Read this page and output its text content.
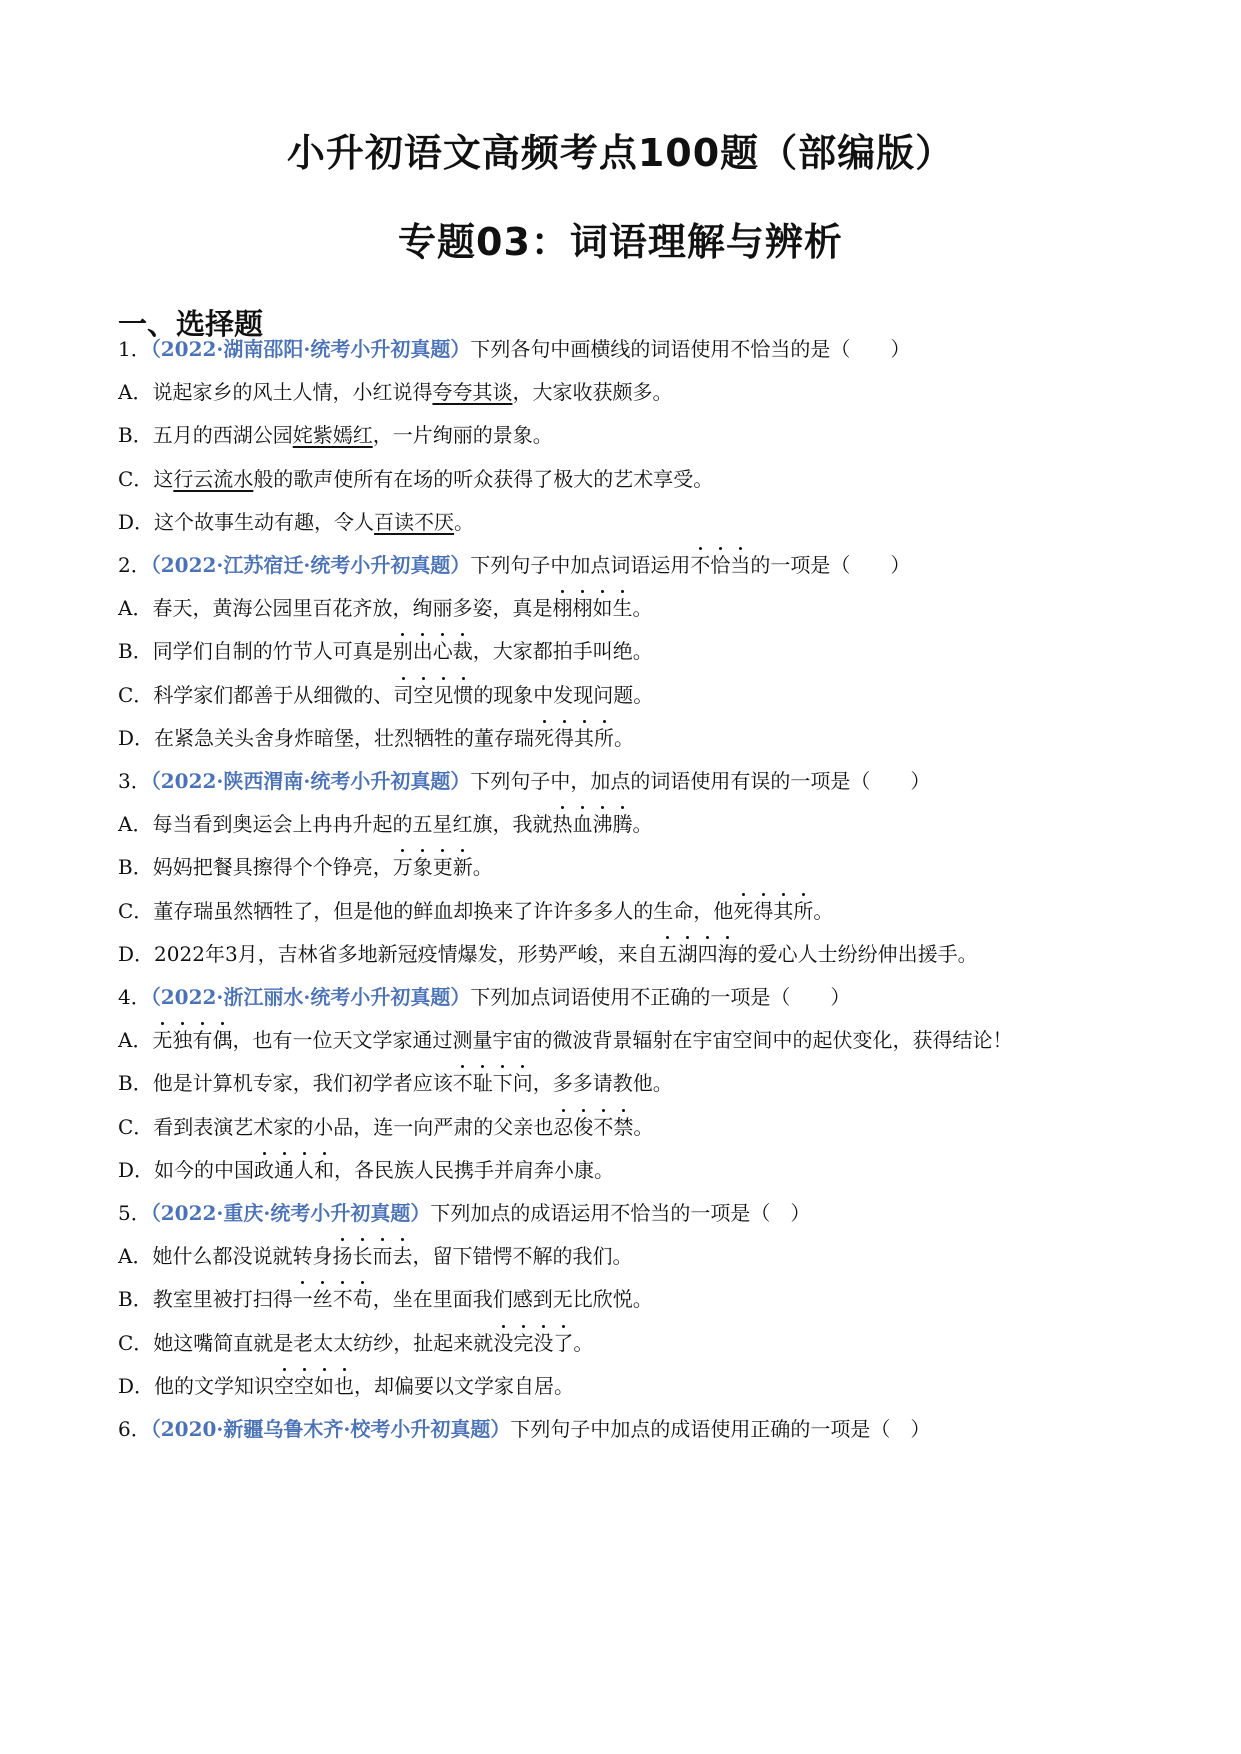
小升初语文高频考点100题（部编版）
专题03：词语理解与辨析
一、选择题
1．（2022·湖南邵阳·统考小升初真题）下列各句中画横线的词语使用不恰当的是（　　）
A．说起家乡的风土人情，小红说得夸夸其谈，大家收获颇多。
B．五月的西湖公园姹紫嫣红，一片绚丽的景象。
C．这行云流水般的歌声使所有在场的听众获得了极大的艺术享受。
D．这个故事生动有趣，令人百读不厌。
2．（2022·江苏宿迁·统考小升初真题）下列句子中加点词语运用不恰当的一项是（　　）
A．春天，黄海公园里百花齐放，绚丽多姿，真是栩栩如生。
B．同学们自制的竹节人可真是别出心裁，大家都拍手叫绝。
C．科学家们都善于从细微的、司空见惯的现象中发现问题。
D．在紧急关头舍身炸暗堡，壮烈牺牲的董存瑞死得其所。
3．（2022·陕西渭南·统考小升初真题）下列句子中，加点的词语使用有误的一项是（　　）
A．每当看到奥运会上冉冉升起的五星红旗，我就热血沸腾。
B．妈妈把餐具擦得个个铮亮，万象更新。
C．董存瑞虽然牺牲了，但是他的鲜血却换来了许许多多人的生命，他死得其所。
D．2022年3月，吉林省多地新冠疫情爆发，形势严峻，来自五湖四海的爱心人士纷纷伸出援手。
4．（2022·浙江丽水·统考小升初真题）下列加点词语使用不正确的一项是（　　）
A．无独有偶，也有一位天文学家通过测量宇宙的微波背景辐射在宇宙空间中的起伏变化，获得结论！
B．他是计算机专家，我们初学者应该不耻下问，多多请教他。
C．看到表演艺术家的小品，连一向严肃的父亲也忍俊不禁。
D．如今的中国政通人和，各民族人民携手并肩奔小康。
5．（2022·重庆·统考小升初真题）下列加点的成语运用不恰当的一项是（　）
A．她什么都没说就转身扬长而去，留下错愕不解的我们。
B．教室里被打扫得一丝不苟，坐在里面我们感到无比欣悦。
C．她这嘴简直就是老太太纺纱，扯起来就没完没了。
D．他的文学知识空空如也，却偏要以文学家自居。
6．（2020·新疆乌鲁木齐·校考小升初真题）下列句子中加点的成语使用正确的一项是（　）
